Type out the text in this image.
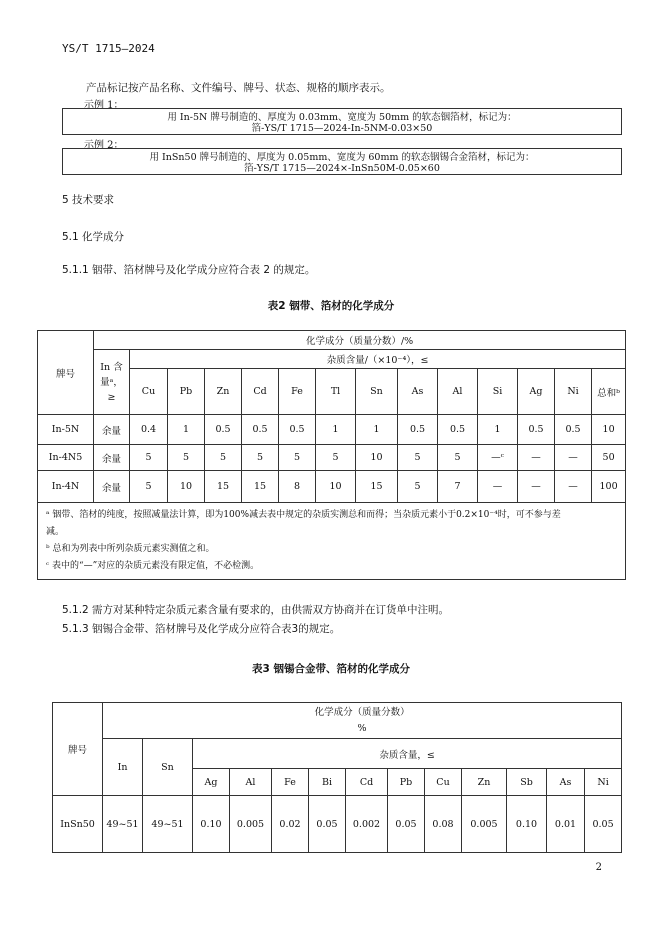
YS/T 1715—2024
产品标记按产品名称、文件编号、牌号、状态、规格的顺序表示。
示例 1：
用 In-5N 牌号制造的、厚度为 0.03mm、宽度为 50mm 的软态铟箔材，标记为：
箔-YS/T 1715—2024-In-5NM-0.03×50
示例 2：
用 InSn50 牌号制造的、厚度为 0.05mm、宽度为 60mm 的软态铟锡合金箔材，标记为：
箔-YS/T 1715—2024×-InSn50M-0.05×60
5 技术要求
5.1 化学成分
5.1.1 铟带、箔材牌号及化学成分应符合表 2 的规定。
表2 铟带、箔材的化学成分
牌号	化学成分（质量分数）/%													
	In 含量ᵃ，≥	杂质含量/（×10⁻⁴），≤												
		Cu	Pb	Zn	Cd	Fe	Tl	Sn	As	Al	Si	Ag	Ni	总和ᵇ
In-5N	余量	0.4	1	0.5	0.5	0.5	1	1	0.5	0.5	1	0.5	0.5	10
In-4N5	余量	5	5	5	5	5	5	10	5	5	—ᶜ	—	—	50
In-4N	余量	5	10	15	15	8	10	15	5	7	—	—	—	100

ᵃ 铟带、箔材的纯度，按照减量法计算，即为100%减去表中规定的杂质实测总和而得；当杂质元素小于0.2×10⁻⁴时，可不参与差
减。
ᵇ 总和为列表中所列杂质元素实测值之和。
ᶜ 表中的“—”对应的杂质元素没有限定值，不必检测。														
5.1.2 需方对某种特定杂质元素含量有要求的，由供需双方协商并在订货单中注明。
5.1.3 铟锡合金带、箔材牌号及化学成分应符合表3的规定。
表3 铟锡合金带、箔材的化学成分
牌号	化学成分（质量分数）
%												

	In	Sn	杂质含量，≤										
			Ag	Al	Fe	Bi	Cd	Pb	Cu	Zn	Sb	As	Ni
InSn50	49~51	49~51	0.10	0.005	0.02	0.05	0.002	0.05	0.08	0.005	0.10	0.01	0.05
2
